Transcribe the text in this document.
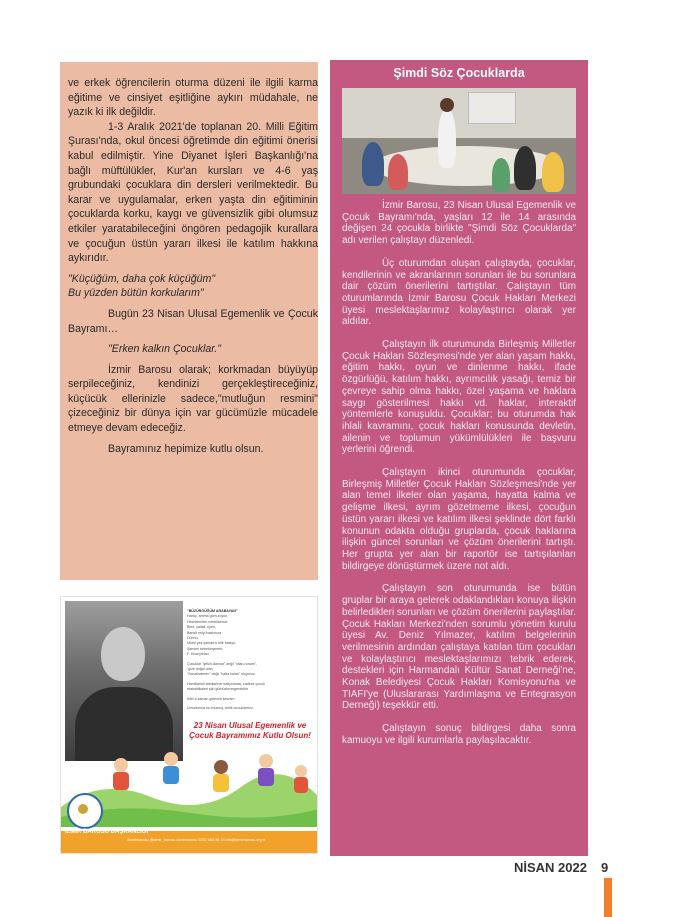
ve erkek öğrencilerin oturma düzeni ile ilgili karma eğitime ve cinsiyet eşitliğine aykırı müdahale, ne yazık ki ilk değildir.

1-3 Aralık 2021'de toplanan 20. Milli Eğitim Şurası'nda, okul öncesi öğretimde din eğitimi önerisi kabul edilmiştir. Yine Diyanet İşleri Başkanlığı'na bağlı müftülükler, Kur'an kursları ve 4-6 yaş grubundaki çocuklara din dersleri verilmektedir. Bu karar ve uygulamalar, erken yaşta din eğitiminin çocuklarda korku, kaygı ve güvensizlik gibi olumsuz etkiler yaratabileceğini öngören pedagojik kurallara ve çocuğun üstün yararı ilkesi ile katılım hakkına aykırıdır.

"Küçüğüm, daha çok küçüğüm"

Bu yüzden bütün korkularım"

Bugün 23 Nisan Ulusal Egemenlik ve Çocuk Bayramı…

"Erken kalkın Çocuklar."

İzmir Barosu olarak; korkmadan büyüyüp serpileceğiniz, kendinizi gerçekleştireceğiniz, küçücük ellerinizle sadece,"mutluğun resmini" çizeceğiniz bir dünya için var gücümüzle mücadele etmeye devam edeceğiz.

Bayramınız hepimize kutlu olsun.

"BÜZÜRGÜĞÜM ARABAYAN"
Haraç, amma göm zoyuri,
Hecnelerden mireillarimiz.
Birni, yallali, nyen,
Bansit eniyi bastınıza
Dünnu.
Müthi yeş yaman:n bilir basiyo,
Şamimi bebekinymem.
F. Hüseyiblan
Çocuklar "şekin-darwat" değil "cilan-runam",
"gize doğal olan,
"Sanalıvamen" değil "hatla kalan" oluyoruz.
Hamiliaristi aterilariner katiyolarda, sadece çocuk
etabalitikaleri şiiri gürbüzlevergerektirir
İstiri a zaman gelecek kavram
Umudumuz bu mumuş, birlik ocouklarmız,
23 Nisan Ulusal Egemenlik ve Çocuk Bayramımız Kutlu Olsun!
f/izmirbarosu @izmir_barosu /izmirbarosu 0232 483 36 13 info@izmirbarosu.org.tr
İZMİR BAROSU BAŞKANLIĞI
Şimdi Söz Çocuklarda

İzmir Barosu, 23 Nisan Ulusal Egemenlik ve Çocuk Bayramı'nda, yaşları 12 ile 14 arasında değişen 24 çocukla birlikte "Şimdi Söz Çocuklarda" adı verilen çalıştayı düzenledi.

Üç oturumdan oluşan çalıştayda, çocuklar, kendilerinin ve akranlarının sorunları ile bu sorunlara dair çözüm önerilerini tartıştılar. Çalıştayın tüm oturumlarında İzmir Barosu Çocuk Hakları Merkezi üyesi meslektaşlarımız kolaylaştırıcı olarak yer aldılar.

Çalıştayın ilk oturumunda Birleşmiş Milletler Çocuk Hakları Sözleşmesi'nde yer alan yaşam hakkı, eğitim hakkı, oyun ve dinlenme hakkı, ifade özgürlüğü, katılım hakkı, ayrımcılık yasağı, temiz bir çevreye sahip olma hakkı, özel yaşama ve haklara saygı gösterilmesi hakkı vd. haklar, interaktif yöntemlerle konuşuldu. Çocuklar; bu oturumda hak ihlali kavramını, çocuk hakları konusunda devletin, ailenin ve toplumun yükümlülükleri ile başvuru yerlerini öğrendi.

Çalıştayın ikinci oturumunda çocuklar, Birleşmiş Milletler Çocuk Hakları Sözleşmesi'nde yer alan temel ilkeler olan yaşama, hayatta kalma ve gelişme ilkesi, ayrım gözetmeme ilkesi, çocuğun üstün yararı ilkesi ve katılım ilkesi şeklinde dört farklı konunun odakta olduğu gruplarda, çocuk haklarına ilişkin güncel sorunları ve çözüm önerilerini tartıştı. Her grupta yer alan bir raportör ise tartışılanları bildirgeye dönüştürmek üzere not aldı.

Çalıştayın son oturumunda ise bütün gruplar bir araya gelerek odaklandıkları konuya ilişkin belirledikleri sorunları ve çözüm önerilerini paylaştılar. Çocuk Hakları Merkezi'nden sorumlu yönetim kurulu üyesi Av. Deniz Yılmazer, katılım belgelerinin verilmesinin ardından çalıştaya katılan tüm çocukları ve kolaylaştırıcı meslektaşlarımızı tebrik ederek, destekleri için Harmandalı Kültür Sanat Derneği'ne, Konak Belediyesi Çocuk Hakları Komisyonu'na ve TIAFI'ye (Uluslararası Yardımlaşma ve Entegrasyon Derneği) teşekkür etti.

Çalıştayın sonuç bildirgesi daha sonra kamuoyu ve ilgili kurumlarla paylaşılacaktır.

NİSAN 2022 9
